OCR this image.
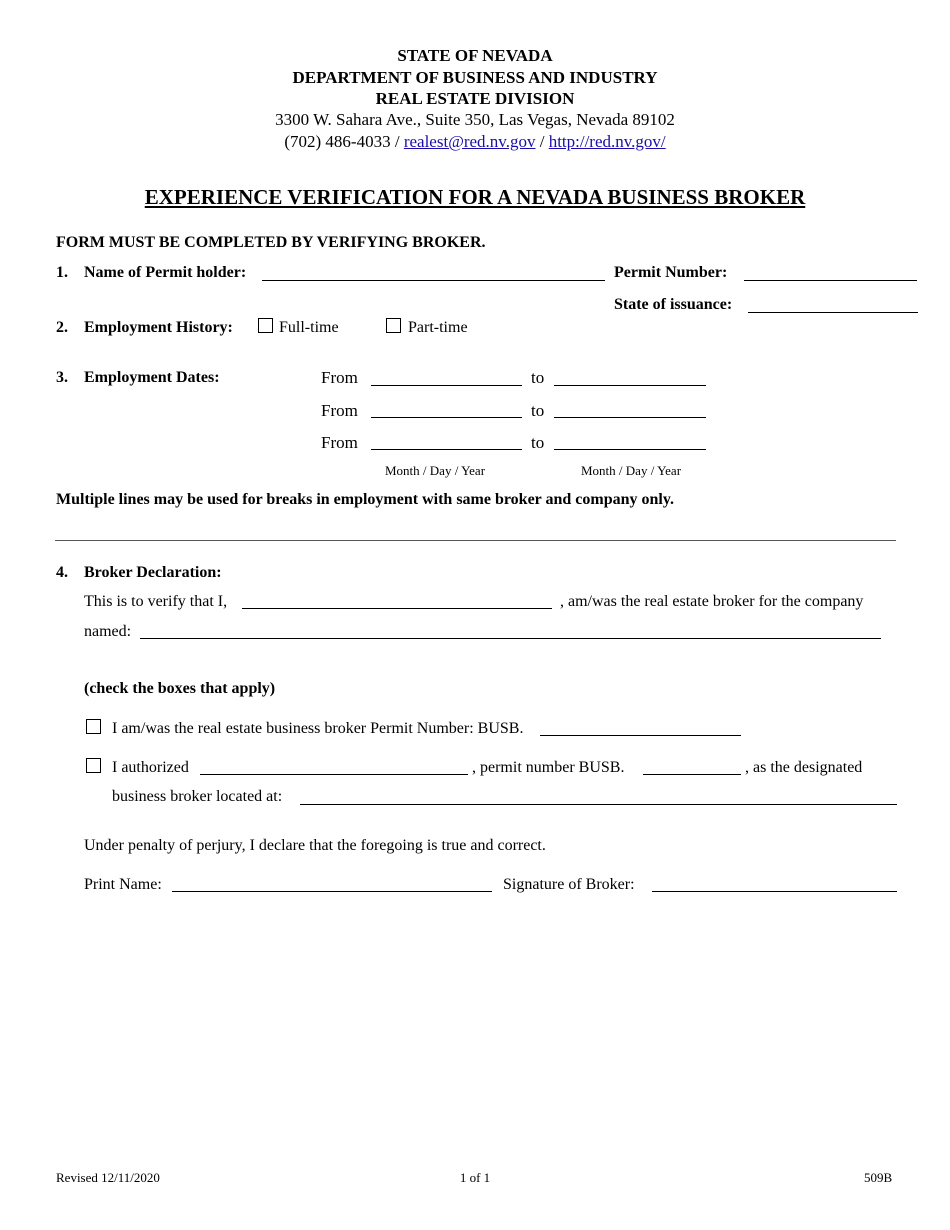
STATE OF NEVADA
DEPARTMENT OF BUSINESS AND INDUSTRY
REAL ESTATE DIVISION
3300 W. Sahara Ave., Suite 350, Las Vegas, Nevada 89102
(702) 486-4033 / realest@red.nv.gov / http://red.nv.gov/
EXPERIENCE VERIFICATION FOR A NEVADA BUSINESS BROKER
FORM MUST BE COMPLETED BY VERIFYING BROKER.
1. Name of Permit holder:	Permit Number:
State of issuance:
2. Employment History:	Full-time	Part-time
3. Employment Dates:	From	to
From	to
From	to
Month / Day / Year	Month / Day / Year
Multiple lines may be used for breaks in employment with same broker and company only.
4. Broker Declaration:
This is to verify that I,	, am/was the real estate broker for the company
named:
(check the boxes that apply)
I am/was the real estate business broker Permit Number: BUSB.
I authorized	, permit number BUSB.	, as the designated
business broker located at:
Under penalty of perjury, I declare that the foregoing is true and correct.
Print Name:	Signature of Broker:
Revised 12/11/2020	1 of 1	509B
